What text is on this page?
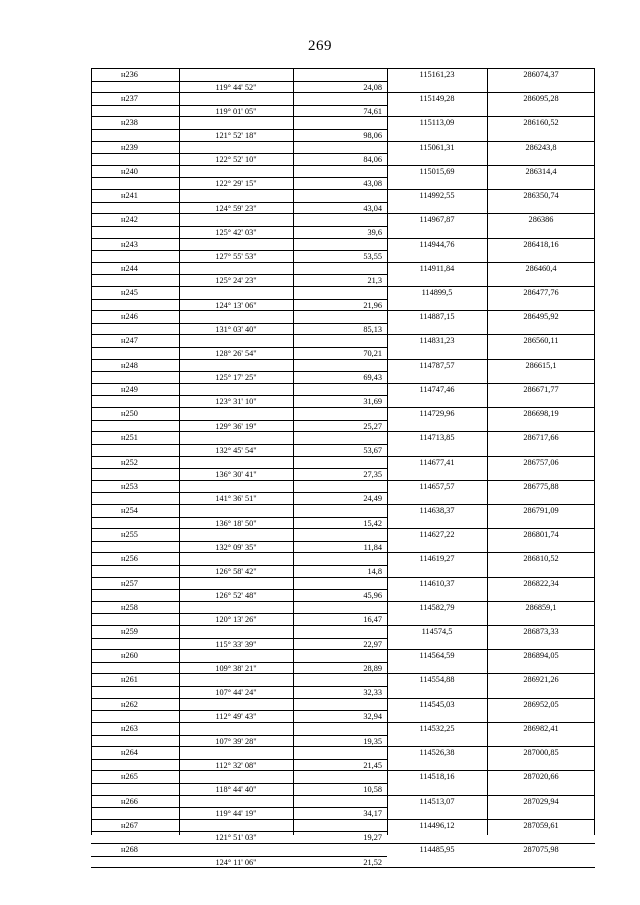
269
н236	115161,23	286074,37
119° 44' 52"	24,08
н237	115149,28	286095,28
119° 01' 05"	74,61
н238	115113,09	286160,52
121° 52' 18"	98,06
н239	115061,31	286243,8
122° 52' 10"	84,06
н240	115015,69	286314,4
122° 29' 15"	43,08
н241	114992,55	286350,74
124° 59' 23"	43,04
н242	114967,87	286386
125° 42' 03"	39,6
н243	114944,76	286418,16
127° 55' 53"	53,55
н244	114911,84	286460,4
125° 24' 23"	21,3
н245	114899,5	286477,76
124° 13' 06"	21,96
н246	114887,15	286495,92
131° 03' 40"	85,13
н247	114831,23	286560,11
128° 26' 54"	70,21
н248	114787,57	286615,1
125° 17' 25"	69,43
н249	114747,46	286671,77
123° 31' 10"	31,69
н250	114729,96	286698,19
129° 36' 19"	25,27
н251	114713,85	286717,66
132° 45' 54"	53,67
н252	114677,41	286757,06
136° 30' 41"	27,35
н253	114657,57	286775,88
141° 36' 51"	24,49
н254	114638,37	286791,09
136° 18' 50"	15,42
н255	114627,22	286801,74
132° 09' 35"	11,84
н256	114619,27	286810,52
126° 58' 42"	14,8
н257	114610,37	286822,34
126° 52' 48"	45,96
н258	114582,79	286859,1
120° 13' 26"	16,47
н259	114574,5	286873,33
115° 33' 39"	22,97
н260	114564,59	286894,05
109° 38' 21"	28,89
н261	114554,88	286921,26
107° 44' 24"	32,33
н262	114545,03	286952,05
112° 49' 43"	32,94
н263	114532,25	286982,41
107° 39' 28"	19,35
н264	114526,38	287000,85
112° 32' 08"	21,45
н265	114518,16	287020,66
118° 44' 40"	10,58
н266	114513,07	287029,94
119° 44' 19"	34,17
н267	114496,12	287059,61
121° 51' 03"	19,27
н268	114485,95	287075,98
124° 11' 06"	21,52
